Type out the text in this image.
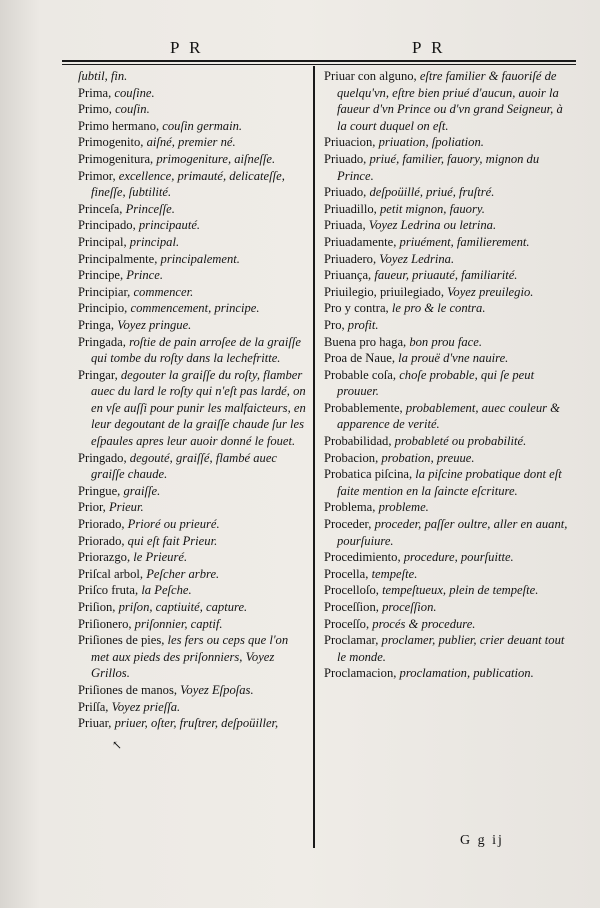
P R	P R

ſubtil, fin.

Prima, couſine.

Primo, couſin.

Primo hermano, couſin germain.

Primogenito, aiſné, premier né.

Primogenitura, primogeniture, aiſneſſe.

Primor, excellence, primauté, delicateſſe, fineſſe, ſubtilité.

Princeſa, Princeſſe.

Principado, principauté.

Principal, principal.

Principalmente, principalement.

Principe, Prince.

Principiar, commencer.

Principio, commencement, principe.

Pringa, Voyez pringue.

Pringada, roſtie de pain arroſee de la graiſſe qui tombe du roſty dans la lechefritte.

Pringar, degouter la graiſſe du roſty, flamber auec du lard le roſty qui n'eſt pas lardé, on en vſe auſſi pour punir les malfaicteurs, en leur degoutant de la graiſſe chaude ſur les eſpaules apres leur auoir donné le fouet.

Pringado, degouté, graiſſé, flambé auec graiſſe chaude.

Pringue, graiſſe.

Prior, Prieur.

Priorado, Prioré ou prieuré.

Priorado, qui eſt fait Prieur.

Priorazgo, le Prieuré.

Priſcal arbol, Peſcher arbre.

Priſco fruta, la Peſche.

Priſion, priſon, captiuité, capture.

Priſionero, priſonnier, captif.

Priſiones de pies, les fers ou ceps que l'on met aux pieds des priſonniers, Voyez Grillos.

Priſiones de manos, Voyez Eſpoſas.

Priſſa, Voyez prieſſa.

Priuar, priuer, oſter, fruſtrer, deſpoüiller,

Priuar con alguno, eſtre familier & fauoriſé de quelqu'vn, eſtre bien priué d'aucun, auoir la faueur d'vn Prince ou d'vn grand Seigneur, à la court duquel on eſt.

Priuacion, priuation, ſpoliation.

Priuado, priué, familier, fauory, mignon du Prince.

Priuado, deſpoüillé, priué, fruſtré.

Priuadillo, petit mignon, fauory.

Priuada, Voyez Ledrina ou letrina.

Priuadamente, priuément, familierement.

Priuadero, Voyez Ledrina.

Priuança, faueur, priuauté, familiarité.

Priuilegio, priuilegiado, Voyez preuilegio.

Pro y contra, le pro & le contra.

Pro, profit.

Buena pro haga, bon prou face.

Proa de Naue, la prouë d'vne nauire.

Probable coſa, choſe probable, qui ſe peut prouuer.

Probablemente, probablement, auec couleur & apparence de verité.

Probabilidad, probableté ou probabilité.

Probacion, probation, preuue.

Probatica piſcina, la piſcine probatique dont eſt faite mention en la ſaincte eſcriture.

Problema, probleme.

Proceder, proceder, paſſer oultre, aller en auant, pourſuiure.

Procedimiento, procedure, pourſuitte.

Procella, tempeſte.

Procelloſo, tempeſtueux, plein de tempeſte.

Proceſſion, proceſſion.

Proceſſo, procés & procedure.

Proclamar, proclamer, publier, crier deuant tout le monde.

Proclamacion, proclamation, publication.

↖
G g ij
